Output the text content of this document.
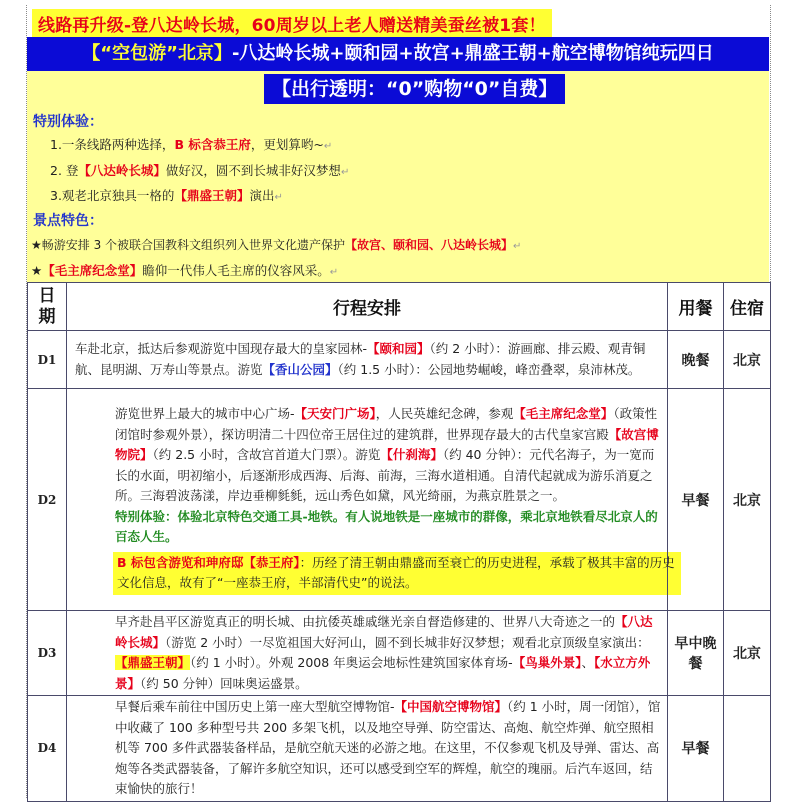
线路再升级-登八达岭长城，60周岁以上老人赠送精美蚕丝被1套！
【“空包游”北京】-八达岭长城+颐和园+故宫+鼎盛王朝+航空博物馆纯玩四日
【出行透明：“0”购物“0”自费】
特别体验：
1.一条线路两种选择，B 标含恭王府，更划算哟~↵
2. 登【八达岭长城】做好汉，圆不到长城非好汉梦想↵
3.观老北京独具一格的【鼎盛王朝】演出↵
景点特色：
★畅游安排 3 个被联合国教科文组织列入世界文化遗产保护【故宫、颐和园、八达岭长城】↵
★【毛主席纪念堂】瞻仰一代伟人毛主席的仪容风采。↵
日期	行程安排	用餐	住宿
D1	车赴北京，抵达后参观游览中国现存最大的皇家园林-【颐和园】（约 2 小时）：游画廊、排云殿、观青铜航、昆明湖、万寿山等景点。游览【香山公园】（约 1.5 小时）：公园地势崛峻，峰峦叠翠，泉沛林茂。	晚餐	北京
D2	游览世界上最大的城市中心广场-【天安门广场】，人民英雄纪念碑，参观【毛主席纪念堂】（政策性闭馆时参观外景），探访明清二十四位帝王居住过的建筑群，世界现存最大的古代皇家宫殿【故宫博物院】（约 2.5 小时，含故宫首道大门票）。游览【什刹海】（约 40 分钟）：元代名海子，为一宽而长的水面，明初缩小，后逐渐形成西海、后海、前海，三海水道相通。自清代起就成为游乐消夏之所。三海碧波荡漾，岸边垂柳毵毵，远山秀色如黛，风光绮丽，为燕京胜景之一。
特别体验：体验北京特色交通工具-地铁。有人说地铁是一座城市的群像，乘北京地铁看尽北京人的百态人生。
B 标包含游览和珅府邸【恭王府】：历经了清王朝由鼎盛而至衰亡的历史进程，承载了极其丰富的历史文化信息，故有了“一座恭王府，半部清代史”的说法。	早餐	北京
D3	早齐赴昌平区游览真正的明长城、由抗倭英雄戚继光亲自督造修建的、世界八大奇迹之一的【八达岭长城】（游览 2 小时）一尽览祖国大好河山，圆不到长城非好汉梦想；观看北京顶级皇家演出：【鼎盛王朝】（约 1 小时）。外观 2008 年奥运会地标性建筑国家体育场-【鸟巢外景】、【水立方外景】（约 50 分钟）回味奥运盛景。	早中晚餐	北京
D4	早餐后乘车前往中国历史上第一座大型航空博物馆-【中国航空博物馆】（约 1 小时，周一闭馆），馆中收藏了 100 多种型号共 200 多架飞机，以及地空导弹、防空雷达、高炮、航空炸弹、航空照相机等 700 多件武器装备样品，是航空航天迷的必游之地。在这里，不仅参观飞机及导弹、雷达、高炮等各类武器装备，了解许多航空知识，还可以感受到空军的辉煌，航空的瑰丽。后汽车返回，结束愉快的旅行！	早餐	
